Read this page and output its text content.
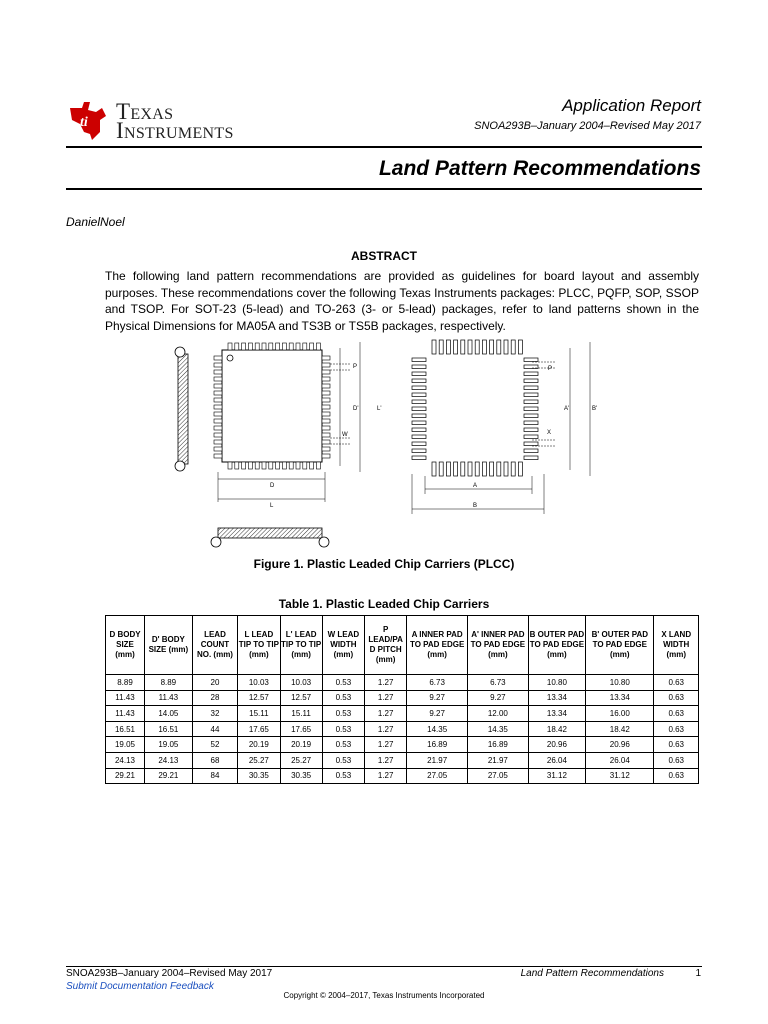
ti Texas
Instruments
Application Report
SNOA293B–January 2004–Revised May 2017
Land Pattern Recommendations
DanielNoel
ABSTRACT
The following land pattern recommendations are provided as guidelines for board layout and assembly purposes. These recommendations cover the following Texas Instruments packages: PLCC, PQFP, SOP, SSOP and TSOP. For SOT-23 (5-lead) and TO-263 (3- or 5-lead) packages, refer to land patterns shown in the Physical Dimensions for MA05A and TS3B or TS5B packages, respectively.
D
L
P
W
D'	L'
A
B
P
X
A'	B'
Figure 1. Plastic Leaded Chip Carriers (PLCC)
Table 1. Plastic Leaded Chip Carriers
D BODY SIZE (mm)	D' BODY SIZE (mm)	LEAD COUNT NO. (mm)	L LEAD TIP TO TIP (mm)	L' LEAD TIP TO TIP (mm)	W LEAD WIDTH (mm)	P LEAD/PA D PITCH (mm)	A INNER PAD TO PAD EDGE (mm)	A' INNER PAD TO PAD EDGE (mm)	B OUTER PAD TO PAD EDGE (mm)	B' OUTER PAD TO PAD EDGE (mm)	X LAND WIDTH (mm)
8.89	8.89	20	10.03	10.03	0.53	1.27	6.73	6.73	10.80	10.80	0.63
11.43	11.43	28	12.57	12.57	0.53	1.27	9.27	9.27	13.34	13.34	0.63
11.43	14.05	32	15.11	15.11	0.53	1.27	9.27	12.00	13.34	16.00	0.63
16.51	16.51	44	17.65	17.65	0.53	1.27	14.35	14.35	18.42	18.42	0.63
19.05	19.05	52	20.19	20.19	0.53	1.27	16.89	16.89	20.96	20.96	0.63
24.13	24.13	68	25.27	25.27	0.53	1.27	21.97	21.97	26.04	26.04	0.63
29.21	29.21	84	30.35	30.35	0.53	1.27	27.05	27.05	31.12	31.12	0.63
SNOA293B–January 2004–Revised May 2017
Submit Documentation Feedback
Land Pattern Recommendations	1
Copyright © 2004–2017, Texas Instruments Incorporated
